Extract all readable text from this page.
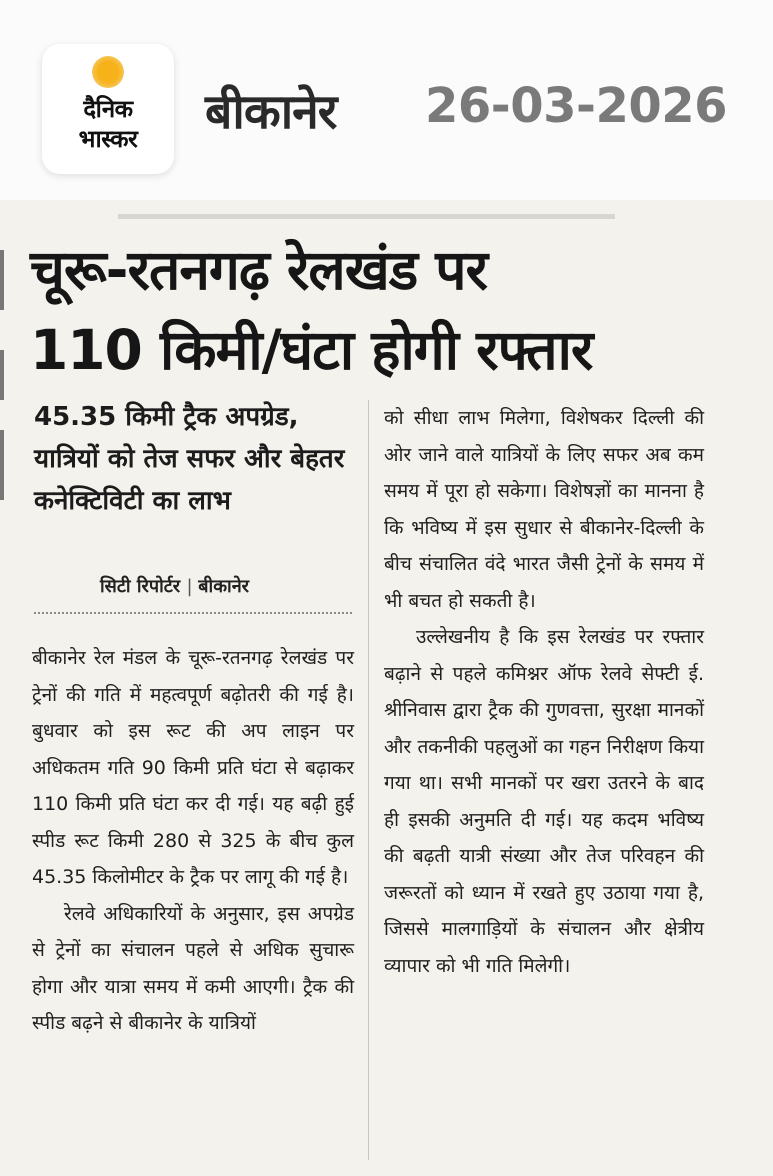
दैनिक
भास्कर	बीकानेर 26-03-2026
चूरू-रतनगढ़ रेलखंड पर
110 किमी/घंटा होगी रफ्तार
45.35 किमी ट्रैक अपग्रेड, यात्रियों को तेज सफर और बेहतर कनेक्टिविटी का लाभ
सिटी रिपोर्टर | बीकानेर

बीकानेर रेल मंडल के चूरू-रतनगढ़ रेलखंड पर ट्रेनों की गति में महत्वपूर्ण बढ़ोतरी की गई है। बुधवार को इस रूट की अप लाइन पर अधिकतम गति 90 किमी प्रति घंटा से बढ़ाकर 110 किमी प्रति घंटा कर दी गई। यह बढ़ी हुई स्पीड रूट किमी 280 से 325 के बीच कुल 45.35 किलोमीटर के ट्रैक पर लागू की गई है।

रेलवे अधिकारियों के अनुसार, इस अपग्रेड से ट्रेनों का संचालन पहले से अधिक सुचारू होगा और यात्रा समय में कमी आएगी। ट्रैक की स्पीड बढ़ने से बीकानेर के यात्रियों

को सीधा लाभ मिलेगा, विशेषकर दिल्ली की ओर जाने वाले यात्रियों के लिए सफर अब कम समय में पूरा हो सकेगा। विशेषज्ञों का मानना है कि भविष्य में इस सुधार से बीकानेर-दिल्ली के बीच संचालित वंदे भारत जैसी ट्रेनों के समय में भी बचत हो सकती है।

उल्लेखनीय है कि इस रेलखंड पर रफ्तार बढ़ाने से पहले कमिश्नर ऑफ रेलवे सेफ्टी ई. श्रीनिवास द्वारा ट्रैक की गुणवत्ता, सुरक्षा मानकों और तकनीकी पहलुओं का गहन निरीक्षण किया गया था। सभी मानकों पर खरा उतरने के बाद ही इसकी अनुमति दी गई। यह कदम भविष्य की बढ़ती यात्री संख्या और तेज परिवहन की जरूरतों को ध्यान में रखते हुए उठाया गया है, जिससे मालगाड़ियों के संचालन और क्षेत्रीय व्यापार को भी गति मिलेगी।
